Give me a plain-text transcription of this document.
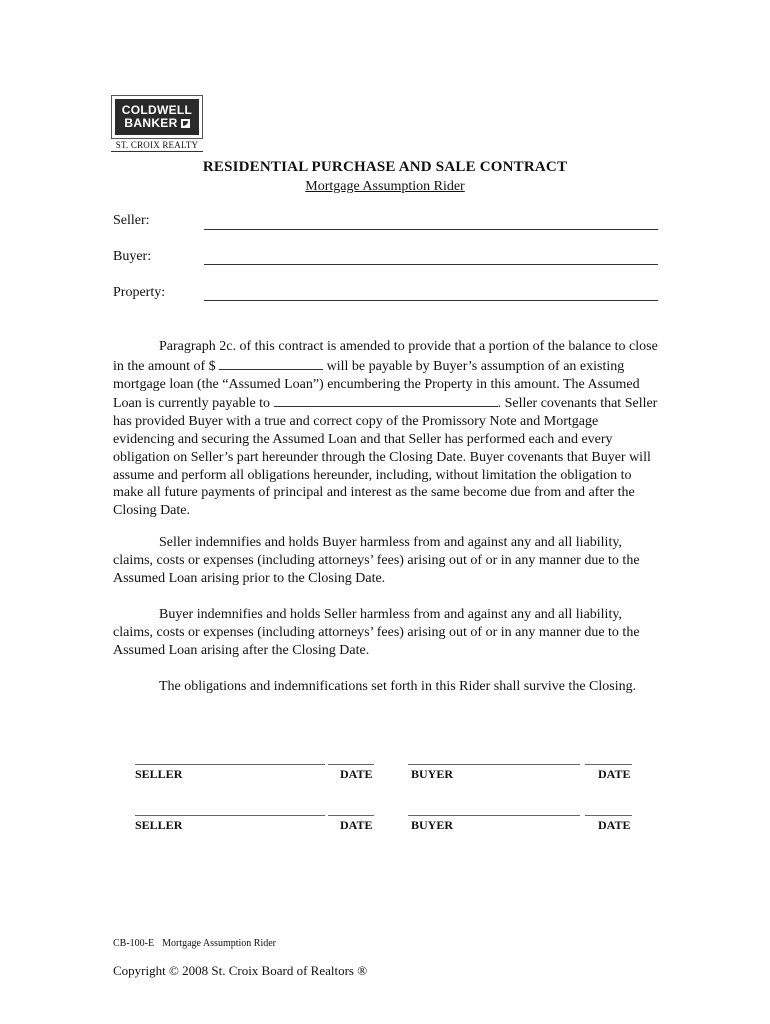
COLDWELL
BANKER
ST. CROIX REALTY
RESIDENTIAL PURCHASE AND SALE CONTRACT
Mortgage Assumption Rider
Seller:
Buyer:
Property:

Paragraph 2c. of this contract is amended to provide that a portion of the balance to close in the amount of $	will be payable by Buyer’s assumption of an existing mortgage loan (the “Assumed Loan”) encumbering the Property in this amount. The Assumed Loan is currently payable to	. Seller covenants that Seller has provided Buyer with a true and correct copy of the Promissory Note and Mortgage evidencing and securing the Assumed Loan and that Seller has performed each and every obligation on Seller’s part hereunder through the Closing Date. Buyer covenants that Buyer will assume and perform all obligations hereunder, including, without limitation the obligation to make all future payments of principal and interest as the same become due from and after the Closing Date.

Seller indemnifies and holds Buyer harmless from and against any and all liability, claims, costs or expenses (including attorneys’ fees) arising out of or in any manner due to the Assumed Loan arising prior to the Closing Date.

Buyer indemnifies and holds Seller harmless from and against any and all liability, claims, costs or expenses (including attorneys’ fees) arising out of or in any manner due to the Assumed Loan arising after the Closing Date.

The obligations and indemnifications set forth in this Rider shall survive the Closing.

SELLER	DATE	BUYER	DATE
SELLER	DATE	BUYER	DATE
CB-100-E Mortgage Assumption Rider
Copyright © 2008 St. Croix Board of Realtors ®
